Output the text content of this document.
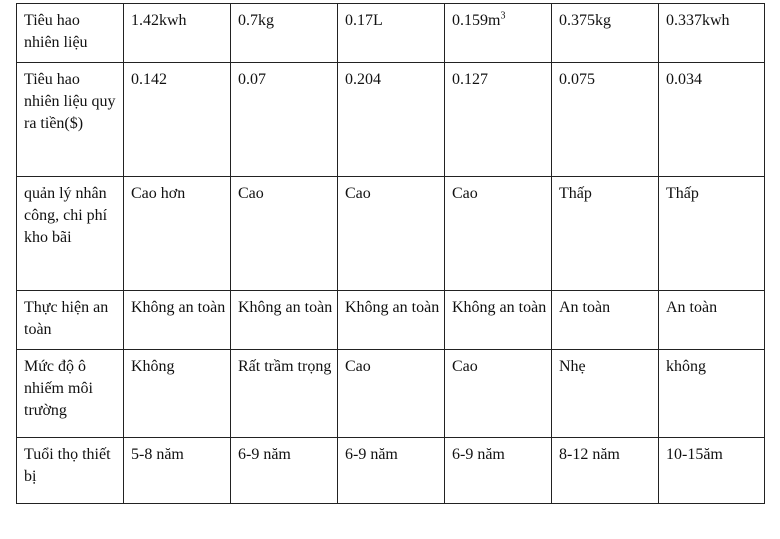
Tiêu hao nhiên liệu	1.42kwh	0.7kg	0.17L	$0.159m^3$	0.375kg	0.337kwh
Tiêu hao nhiên liệu quy ra tiền($)	0.142	0.07	0.204	0.127	0.075	0.034
quản lý nhân công, chi phí kho bãi	Cao hơn	Cao	Cao	Cao	Thấp	Thấp
Thực hiện an toàn	Không an toàn	Không an toàn	Không an toàn	Không an toàn	An toàn	An toàn
Mức độ ô nhiếm môi trường	Không	Rất trầm trọng	Cao	Cao	Nhẹ	không
Tuổi thọ thiết bị	5-8 năm	6-9 năm	6-9 năm	6-9 năm	8-12 năm	10-15ăm
